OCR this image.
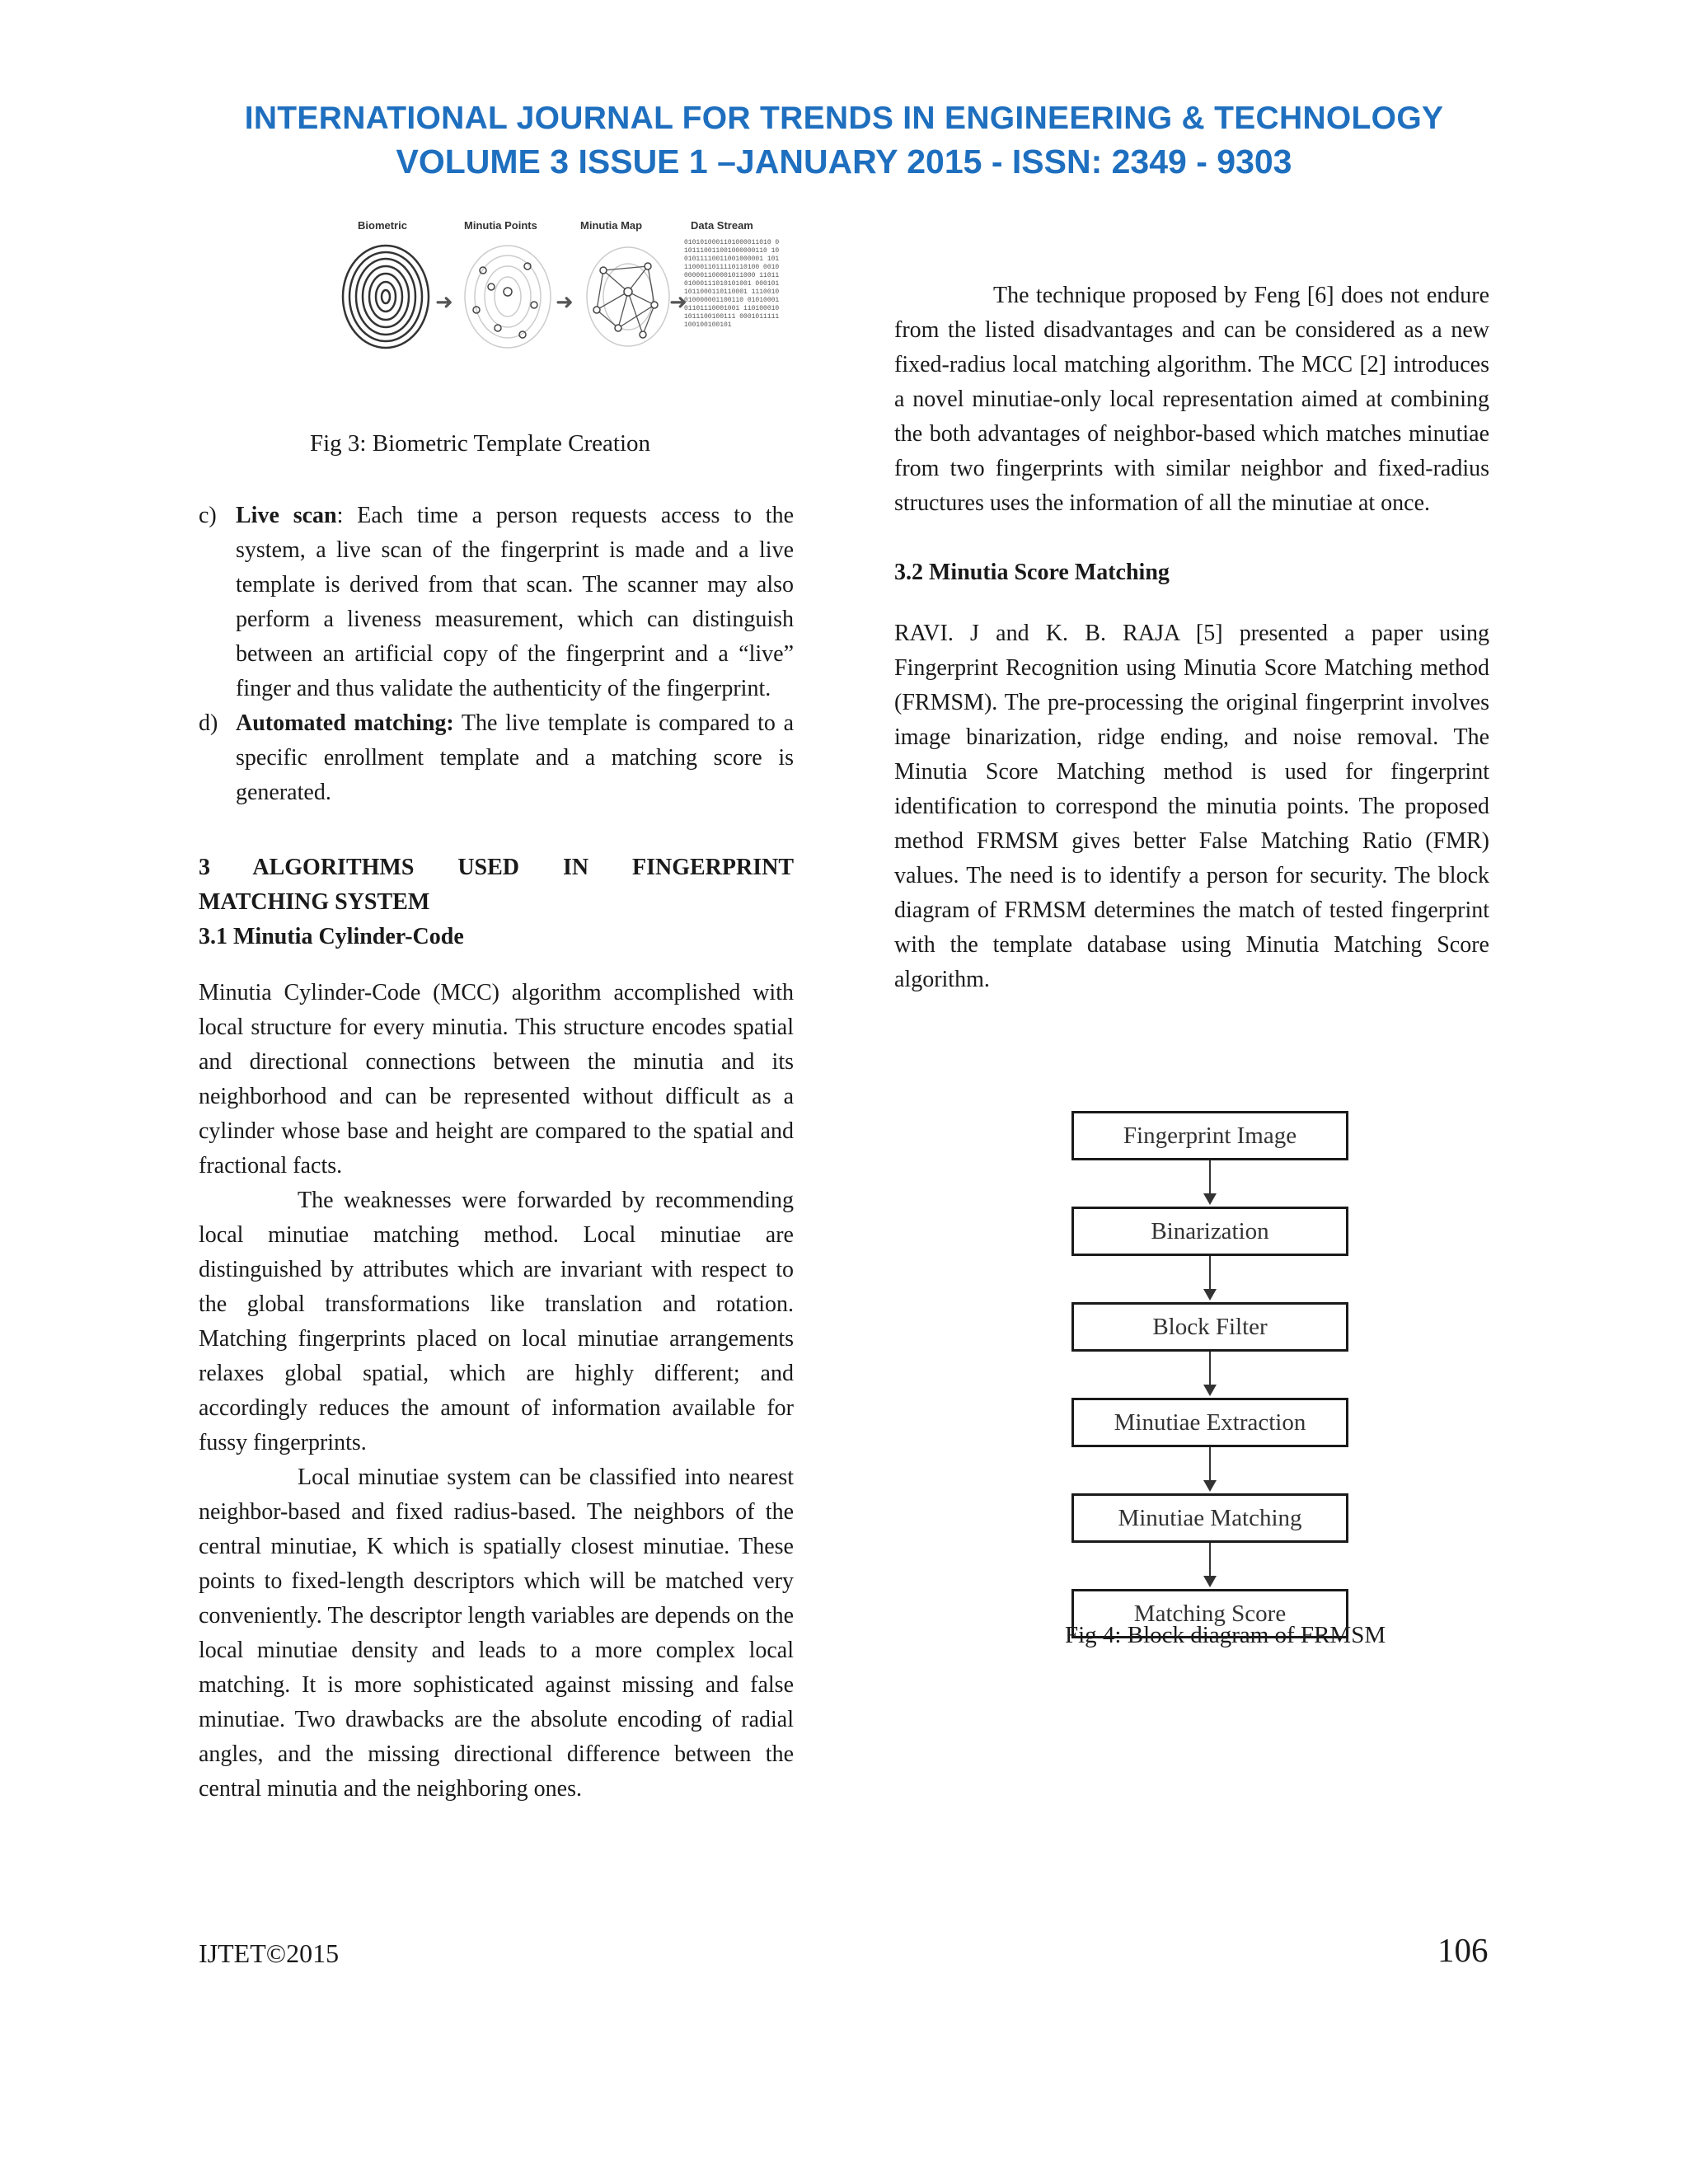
INTERNATIONAL JOURNAL FOR TRENDS IN ENGINEERING & TECHNOLOGY
VOLUME 3 ISSUE 1 –JANUARY 2015 - ISSN: 2349 - 9303
Biometric	Minutia Points	Minutia Map	Data Stream
➜	➜	➜
0101010001101000011010 0101110011001000000110 1001011110011001000001 1011100011011110110100 0010000001100001011000 1101101000111010101001 0001011011000110110001 1110010010000001100110 0101000101101110001001 1101000101011100100111 0001011111100100100101
Fig 3: Biometric Template Creation
c) Live scan: Each time a person requests access to the system, a live scan of the fingerprint is made and a live template is derived from that scan. The scanner may also perform a liveness measurement, which can distinguish between an artificial copy of the fingerprint and a “live” finger and thus validate the authenticity of the fingerprint.
d) Automated matching: The live template is compared to a specific enrollment template and a matching score is generated.

3 ALGORITHMS USED IN FINGERPRINT

MATCHING SYSTEM

3.1 Minutia Cylinder-Code

Minutia Cylinder-Code (MCC) algorithm accomplished with local structure for every minutia. This structure encodes spatial and directional connections between the minutia and its neighborhood and can be represented without difficult as a cylinder whose base and height are compared to the spatial and fractional facts.

The weaknesses were forwarded by recommending local minutiae matching method. Local minutiae are distinguished by attributes which are invariant with respect to the global transformations like translation and rotation. Matching fingerprints placed on local minutiae arrangements relaxes global spatial, which are highly different; and accordingly reduces the amount of information available for fussy fingerprints.

Local minutiae system can be classified into nearest neighbor-based and fixed radius-based. The neighbors of the central minutiae, K which is spatially closest minutiae. These points to fixed-length descriptors which will be matched very conveniently. The descriptor length variables are depends on the local minutiae density and leads to a more complex local matching. It is more sophisticated against missing and false minutiae. Two drawbacks are the absolute encoding of radial angles, and the missing directional difference between the central minutia and the neighboring ones.

The technique proposed by Feng [6] does not endure from the listed disadvantages and can be considered as a new fixed-radius local matching algorithm. The MCC [2] introduces a novel minutiae-only local representation aimed at combining the both advantages of neighbor-based which matches minutiae from two fingerprints with similar neighbor and fixed-radius structures uses the information of all the minutiae at once.

3.2 Minutia Score Matching

RAVI. J and K. B. RAJA [5] presented a paper using Fingerprint Recognition using Minutia Score Matching method (FRMSM). The pre-processing the original fingerprint involves image binarization, ridge ending, and noise removal. The Minutia Score Matching method is used for fingerprint identification to correspond the minutia points. The proposed method FRMSM gives better False Matching Ratio (FMR) values. The need is to identify a person for security. The block diagram of FRMSM determines the match of tested fingerprint with the template database using Minutia Matching Score algorithm.

Fingerprint Image
Binarization
Block Filter
Minutiae Extraction
Minutiae Matching
Matching Score
Fig 4: Block diagram of FRMSM
IJTET©2015	106
